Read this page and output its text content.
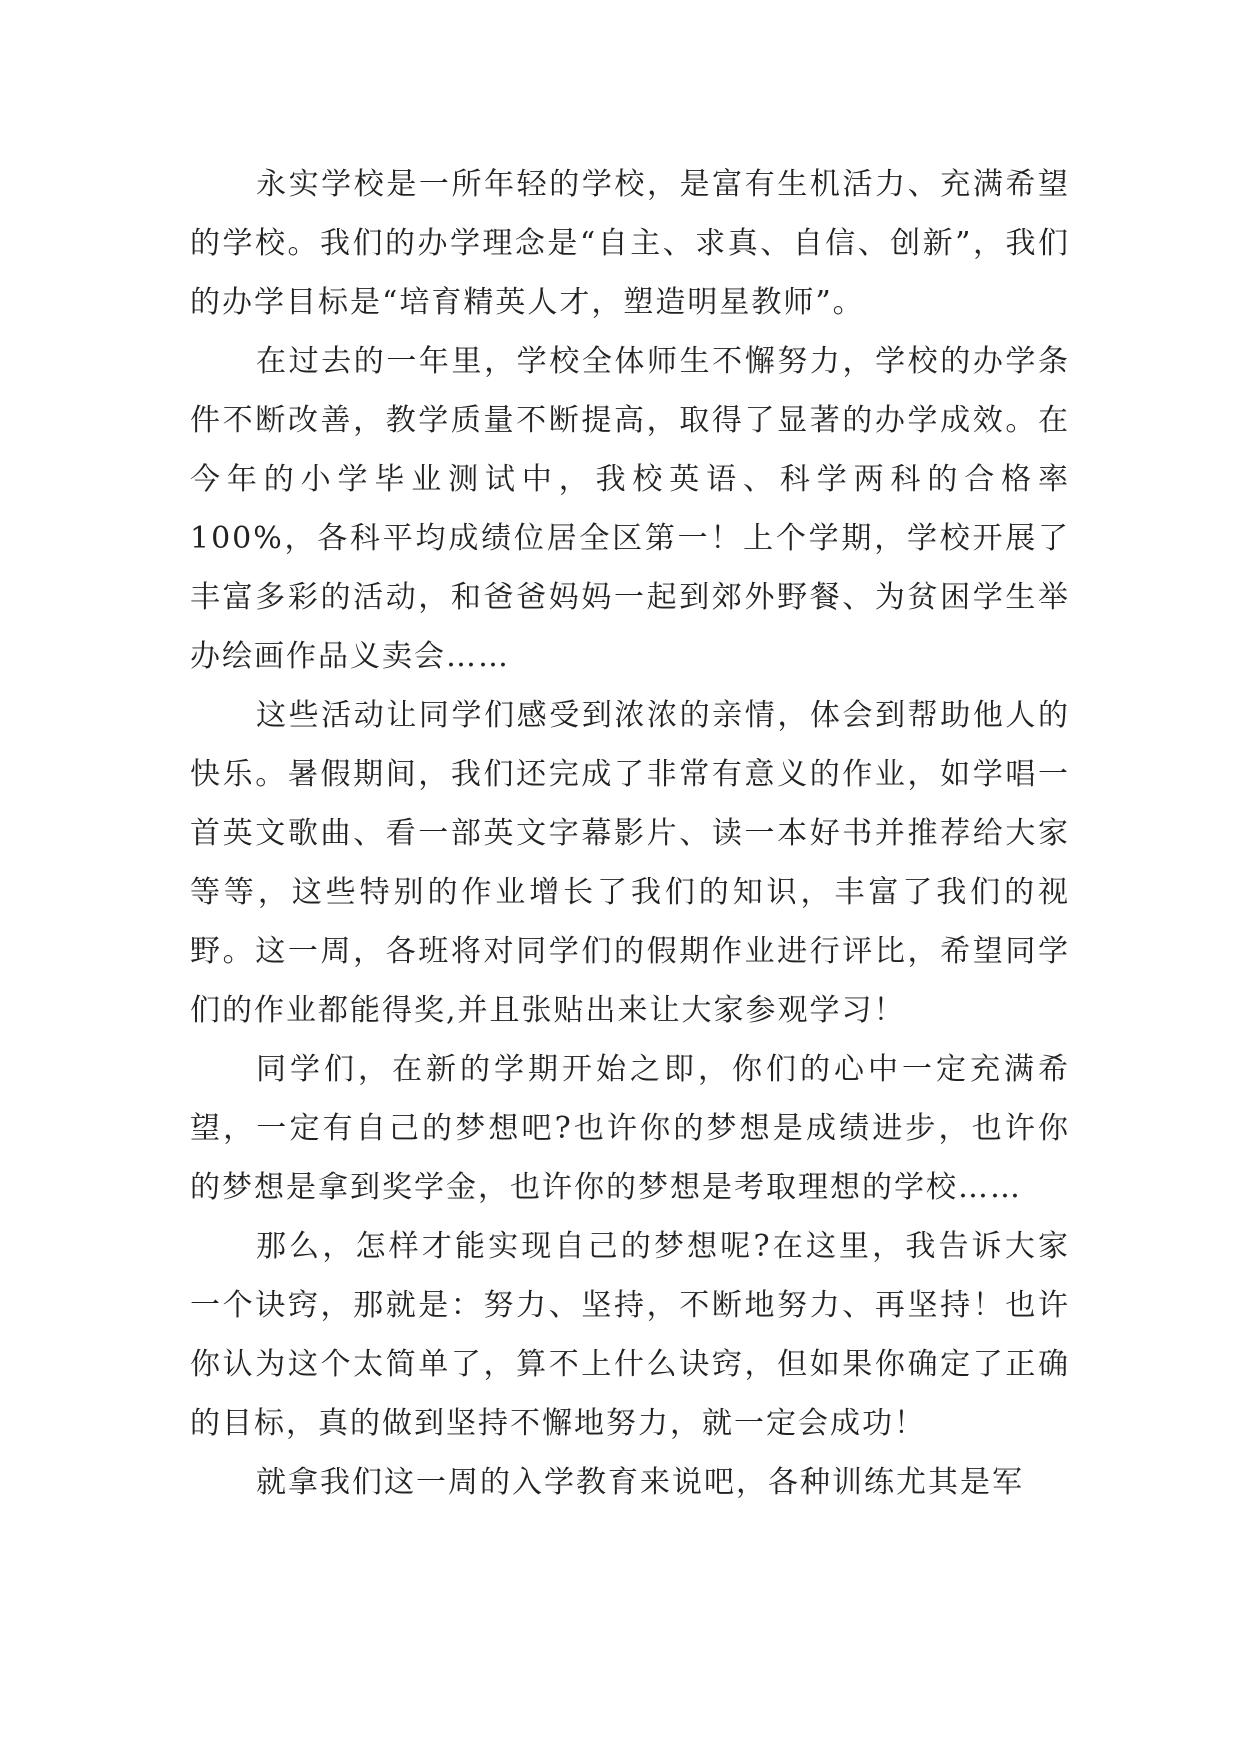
永实学校是一所年轻的学校，是富有生机活力、充满希望的学校。我们的办学理念是“自主、求真、自信、创新”，我们的办学目标是“培育精英人才，塑造明星教师”。

在过去的一年里，学校全体师生不懈努力，学校的办学条件不断改善，教学质量不断提高，取得了显著的办学成效。在今年的小学毕业测试中，我校英语、科学两科的合格率100%，各科平均成绩位居全区第一！上个学期，学校开展了丰富多彩的活动，和爸爸妈妈一起到郊外野餐、为贫困学生举办绘画作品义卖会……

这些活动让同学们感受到浓浓的亲情，体会到帮助他人的快乐。暑假期间，我们还完成了非常有意义的作业，如学唱一首英文歌曲、看一部英文字幕影片、读一本好书并推荐给大家等等，这些特别的作业增长了我们的知识，丰富了我们的视野。这一周，各班将对同学们的假期作业进行评比，希望同学们的作业都能得奖,并且张贴出来让大家参观学习！

同学们，在新的学期开始之即，你们的心中一定充满希望，一定有自己的梦想吧?也许你的梦想是成绩进步，也许你的梦想是拿到奖学金，也许你的梦想是考取理想的学校……

那么，怎样才能实现自己的梦想呢?在这里，我告诉大家一个诀窍，那就是：努力、坚持，不断地努力、再坚持！也许你认为这个太简单了，算不上什么诀窍，但如果你确定了正确的目标，真的做到坚持不懈地努力，就一定会成功！

就拿我们这一周的入学教育来说吧，各种训练尤其是军
